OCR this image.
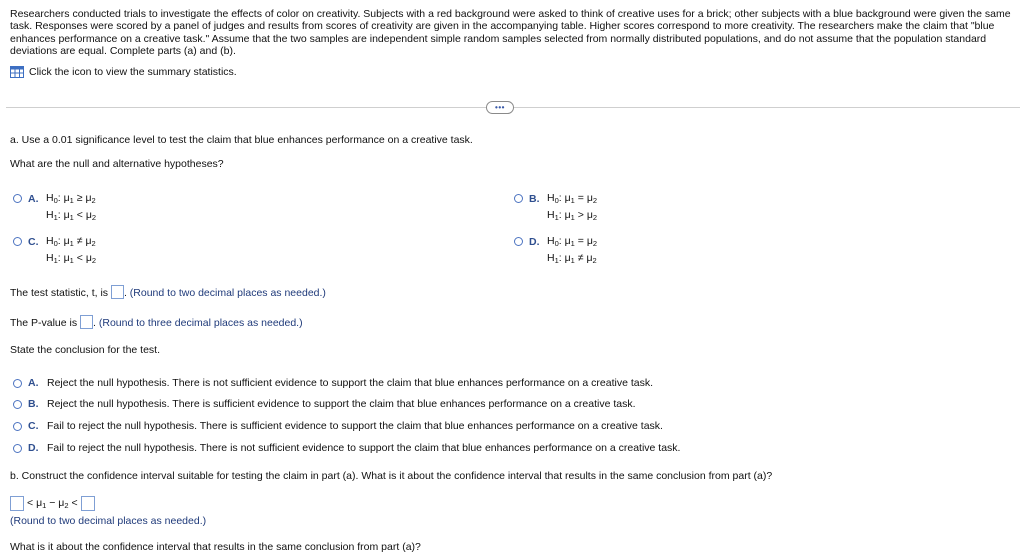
Researchers conducted trials to investigate the effects of color on creativity. Subjects with a red background were asked to think of creative uses for a brick; other subjects with a blue background were given the same task. Responses were scored by a panel of judges and results from scores of creativity are given in the accompanying table. Higher scores correspond to more creativity. The researchers make the claim that "blue enhances performance on a creative task." Assume that the two samples are independent simple random samples selected from normally distributed populations, and do not assume that the population standard deviations are equal. Complete parts (a) and (b).

Click the icon to view the summary statistics.
•••
a. Use a 0.01 significance level to test the claim that blue enhances performance on a creative task.
What are the null and alternative hypotheses?
A. $H_0$: $\mu_1 \ge \mu_2$
$H_1$: $\mu_1 < \mu_2$
B. $H_0$: $\mu_1 = \mu_2$
$H_1$: $\mu_1 > \mu_2$
C. $H_0$: $\mu_1 \ne \mu_2$
$H_1$: $\mu_1 < \mu_2$
D. $H_0$: $\mu_1 = \mu_2$
$H_1$: $\mu_1 \ne \mu_2$
The test statistic, t, is . (Round to two decimal places as needed.)
The P-value is . (Round to three decimal places as needed.)
State the conclusion for the test.
A. Reject the null hypothesis. There is not sufficient evidence to support the claim that blue enhances performance on a creative task.
B. Reject the null hypothesis. There is sufficient evidence to support the claim that blue enhances performance on a creative task.
C. Fail to reject the null hypothesis. There is sufficient evidence to support the claim that blue enhances performance on a creative task.
D. Fail to reject the null hypothesis. There is not sufficient evidence to support the claim that blue enhances performance on a creative task.
b. Construct the confidence interval suitable for testing the claim in part (a). What is it about the confidence interval that results in the same conclusion from part (a)?
< $\mu_1 - \mu_2$ <
(Round to two decimal places as needed.)
What is it about the confidence interval that results in the same conclusion from part (a)?
